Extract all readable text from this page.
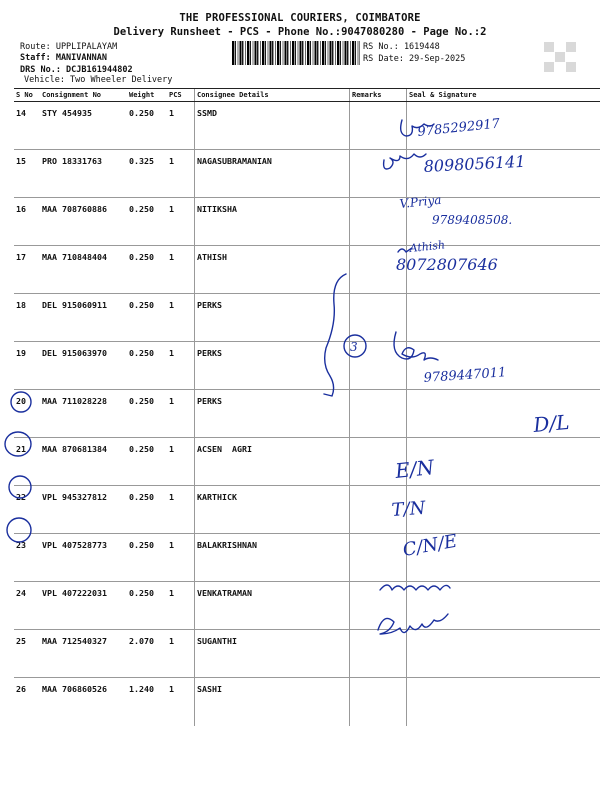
THE PROFESSIONAL COURIERS, COIMBATORE
Delivery Runsheet - PCS - Phone No.:9047080280 - Page No.:2
Route: UPPLIPALAYAM
Staff: MANIVANNAN
DRS No.: DCJB161944802
Vehicle: Two Wheeler Delivery
RS No.: 1619448
RS Date: 29-Sep-2025
S No	Consignment No	Weight	PCS	Consignee Details	Remarks	Seal & Signature
14	STY 454935	0.250	1	SSMD		
15	PRO 18331763	0.325	1	NAGASUBRAMANIAN		
16	MAA 708760886	0.250	1	NITIKSHA		
17	MAA 710848404	0.250	1	ATHISH		
18	DEL 915060911	0.250	1	PERKS		
19	DEL 915063970	0.250	1	PERKS		
20	MAA 711028228	0.250	1	PERKS		
21	MAA 870681384	0.250	1	ACSEN  AGRI		
22	VPL 945327812	0.250	1	KARTHICK		
23	VPL 407528773	0.250	1	BALAKRISHNAN		
24	VPL 407222031	0.250	1	VENKATRAMAN		
25	MAA 712540327	2.070	1	SUGANTHI		
26	MAA 706860526	1.240	1	SASHI		
9785292917
8098056141
V.Priya
9789408508.
Athish
8072807646
3
9789447011
D/L
E/N
T/N
C/N/E
